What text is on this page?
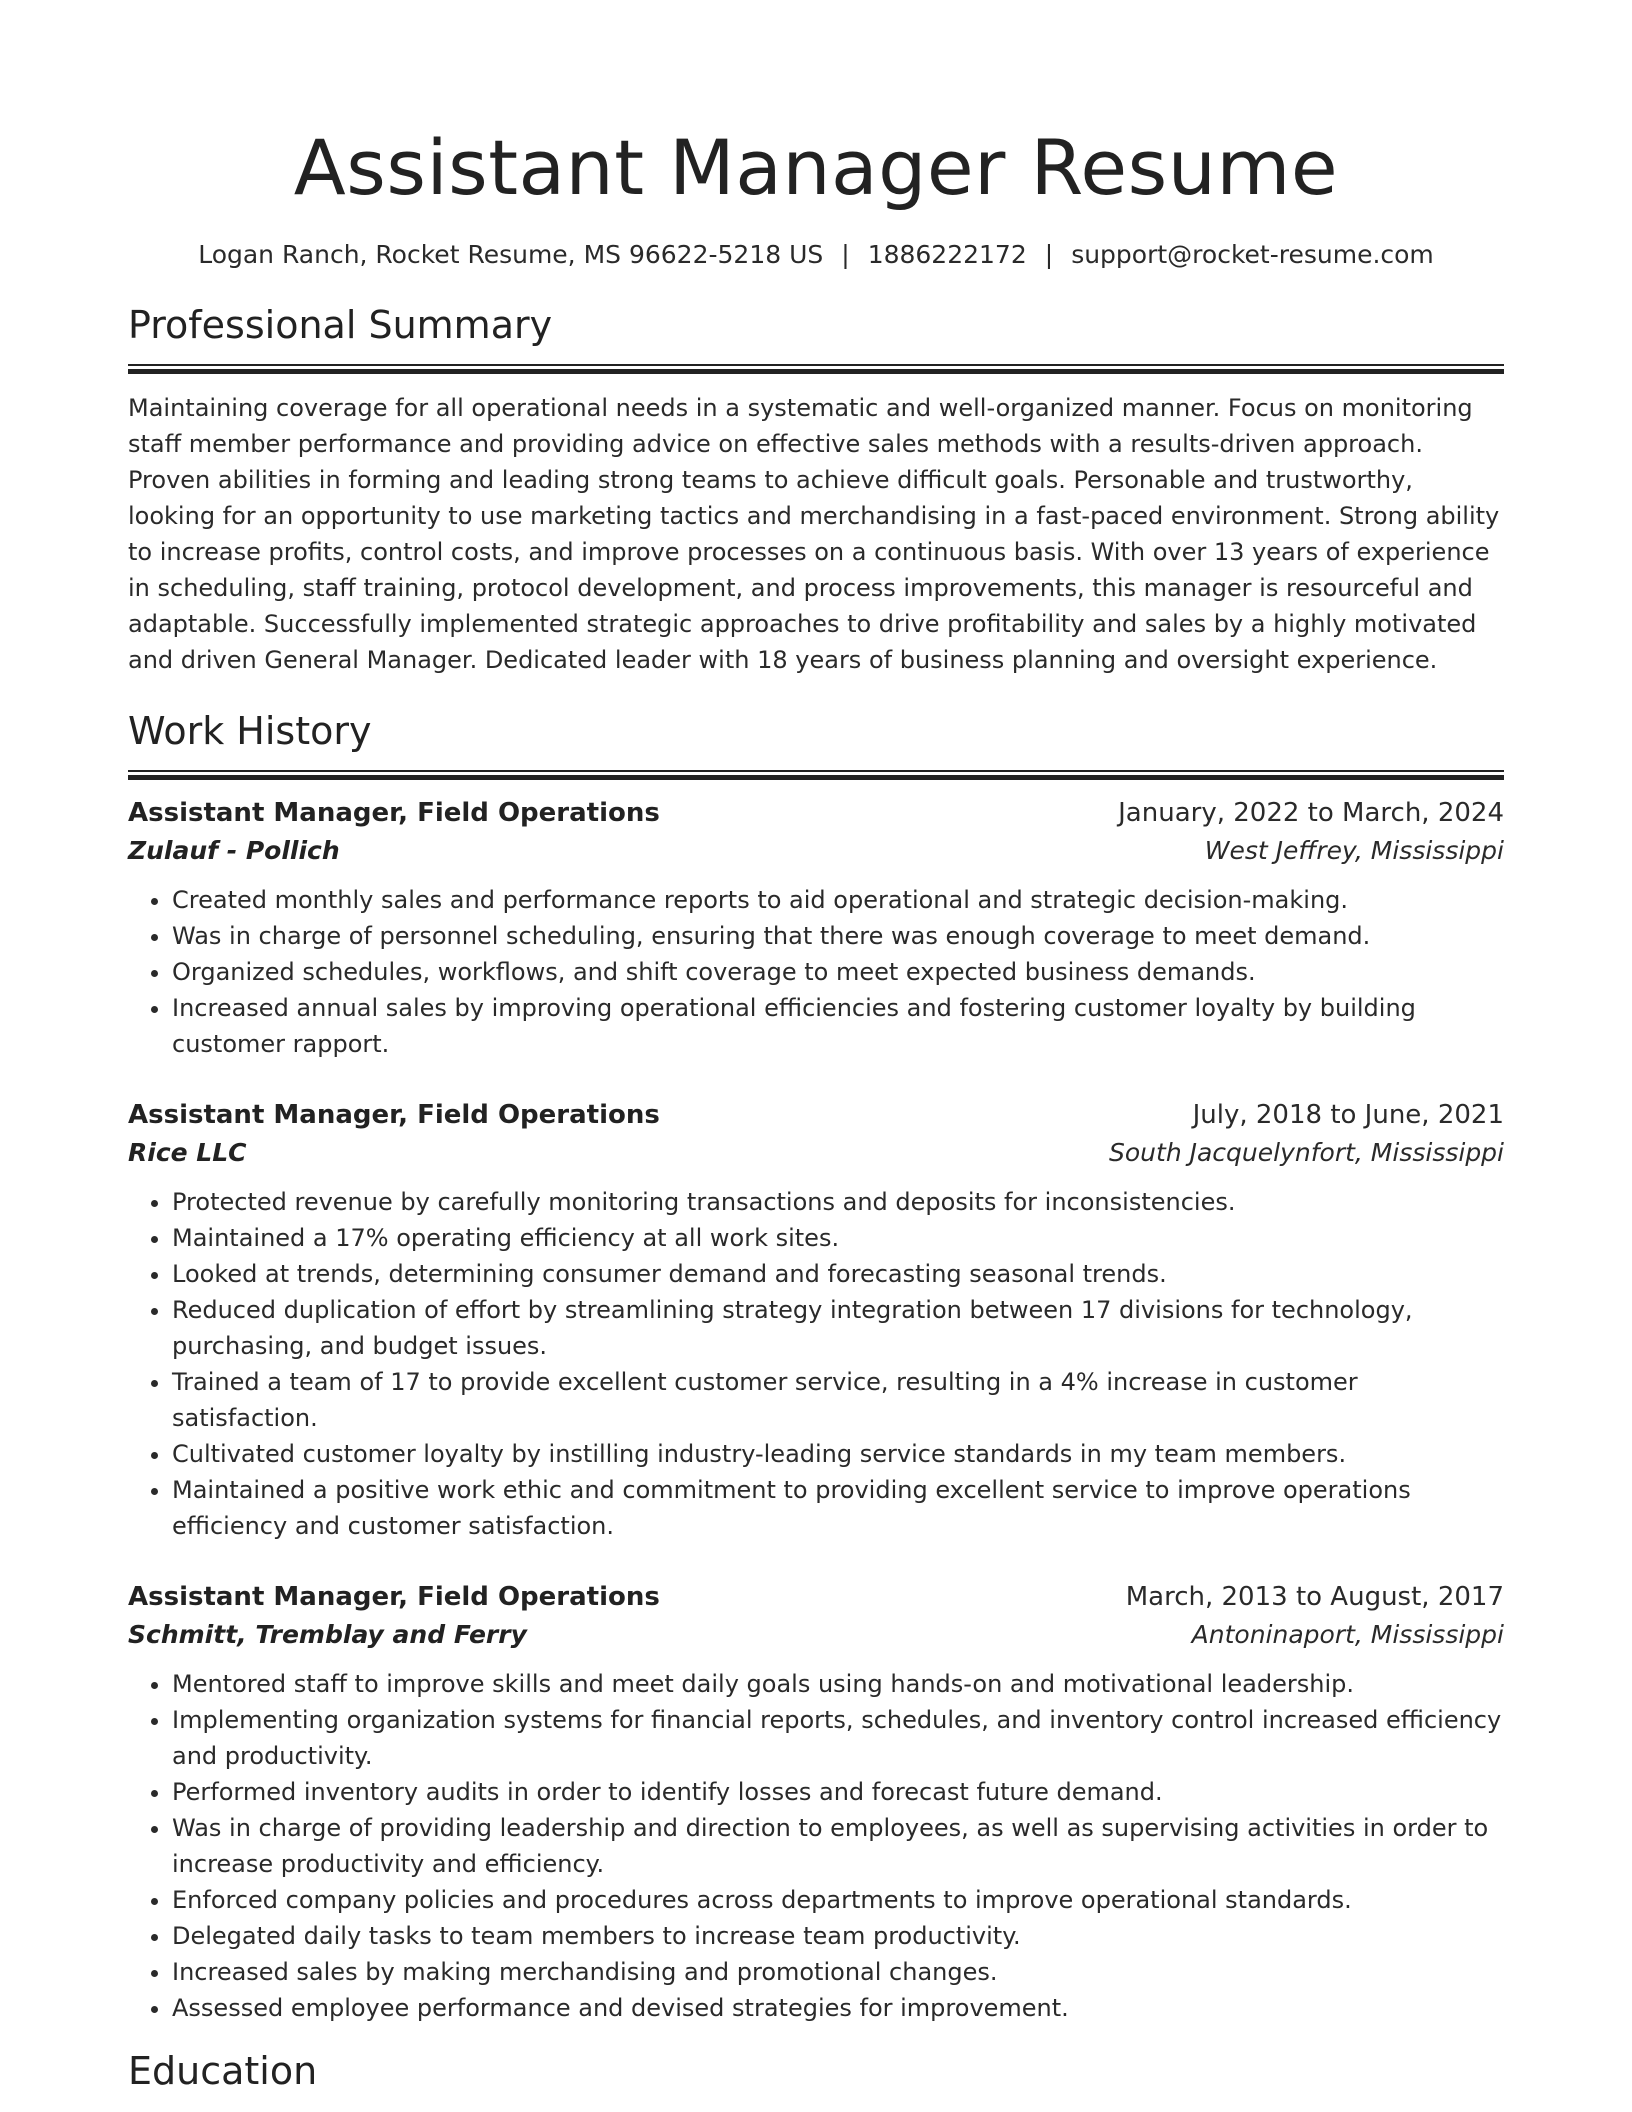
Assistant Manager Resume
Logan Ranch, Rocket Resume, MS 96622-5218 US | 1886222172 | support@rocket-resume.com
Professional Summary

Maintaining coverage for all operational needs in a systematic and well-organized manner. Focus on monitoring staff member performance and providing advice on effective sales methods with a results-driven approach. Proven abilities in forming and leading strong teams to achieve difficult goals. Personable and trustworthy, looking for an opportunity to use marketing tactics and merchandising in a fast-paced environment. Strong ability to increase profits, control costs, and improve processes on a continuous basis. With over 13 years of experience in scheduling, staff training, protocol development, and process improvements, this manager is resourceful and adaptable. Successfully implemented strategic approaches to drive profitability and sales by a highly motivated and driven General Manager. Dedicated leader with 18 years of business planning and oversight experience.

Work History
Assistant Manager, Field Operations	January, 2022 to March, 2024
Zulauf - Pollich	West Jeffrey, Mississippi
• Created monthly sales and performance reports to aid operational and strategic decision-making.
• Was in charge of personnel scheduling, ensuring that there was enough coverage to meet demand.
• Organized schedules, workflows, and shift coverage to meet expected business demands.
• Increased annual sales by improving operational efficiencies and fostering customer loyalty by building customer rapport.
Assistant Manager, Field Operations	July, 2018 to June, 2021
Rice LLC	South Jacquelynfort, Mississippi
• Protected revenue by carefully monitoring transactions and deposits for inconsistencies.
• Maintained a 17% operating efficiency at all work sites.
• Looked at trends, determining consumer demand and forecasting seasonal trends.
• Reduced duplication of effort by streamlining strategy integration between 17 divisions for technology, purchasing, and budget issues.
• Trained a team of 17 to provide excellent customer service, resulting in a 4% increase in customer satisfaction.
• Cultivated customer loyalty by instilling industry-leading service standards in my team members.
• Maintained a positive work ethic and commitment to providing excellent service to improve operations efficiency and customer satisfaction.
Assistant Manager, Field Operations	March, 2013 to August, 2017
Schmitt, Tremblay and Ferry	Antoninaport, Mississippi
• Mentored staff to improve skills and meet daily goals using hands-on and motivational leadership.
• Implementing organization systems for financial reports, schedules, and inventory control increased efficiency and productivity.
• Performed inventory audits in order to identify losses and forecast future demand.
• Was in charge of providing leadership and direction to employees, as well as supervising activities in order to increase productivity and efficiency.
• Enforced company policies and procedures across departments to improve operational standards.
• Delegated daily tasks to team members to increase team productivity.
• Increased sales by making merchandising and promotional changes.
• Assessed employee performance and devised strategies for improvement.
Education
